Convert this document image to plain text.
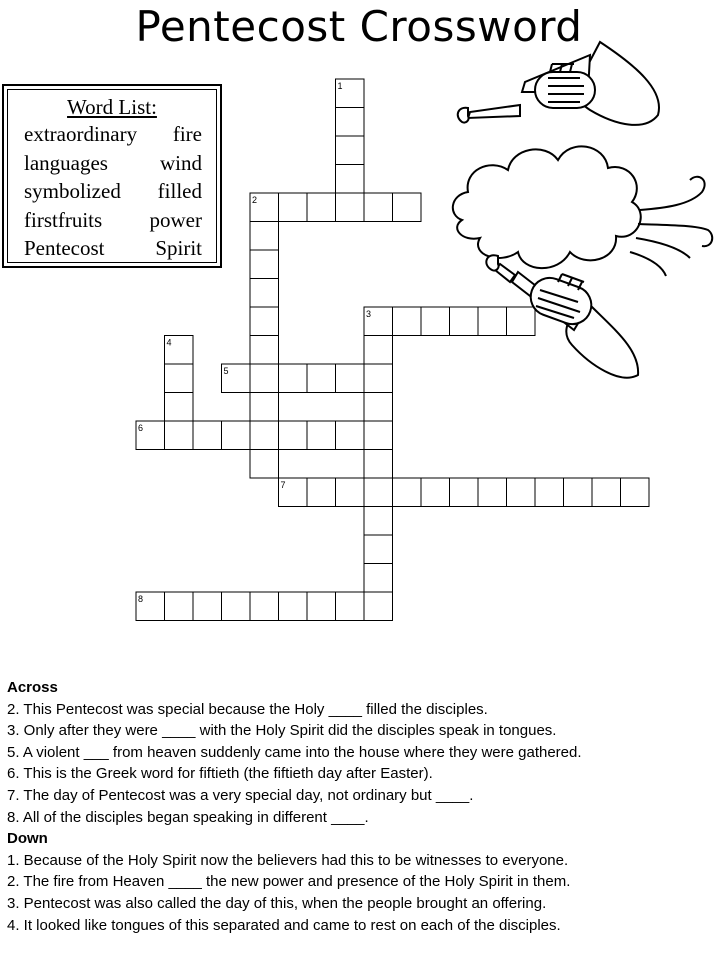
Pentecost Crossword
Word List:
extraordinary fire
languages wind
symbolized filled
firstfruits power
Pentecost Spirit
1
2
3
4
5
6
7
8
Across
2. This Pentecost was special because the Holy ____ filled the disciples.
3. Only after they were ____ with the Holy Spirit did the disciples speak in tongues.
5. A violent ___ from heaven suddenly came into the house where they were gathered.
6. This is the Greek word for fiftieth (the fiftieth day after Easter).
7. The day of Pentecost was a very special day, not ordinary but ____.
8. All of the disciples began speaking in different ____.
Down
1. Because of the Holy Spirit now the believers had this to be witnesses to everyone.
2. The fire from Heaven ____ the new power and presence of the Holy Spirit in them.
3. Pentecost was also called the day of this, when the people brought an offering.
4. It looked like tongues of this separated and came to rest on each of the disciples.
